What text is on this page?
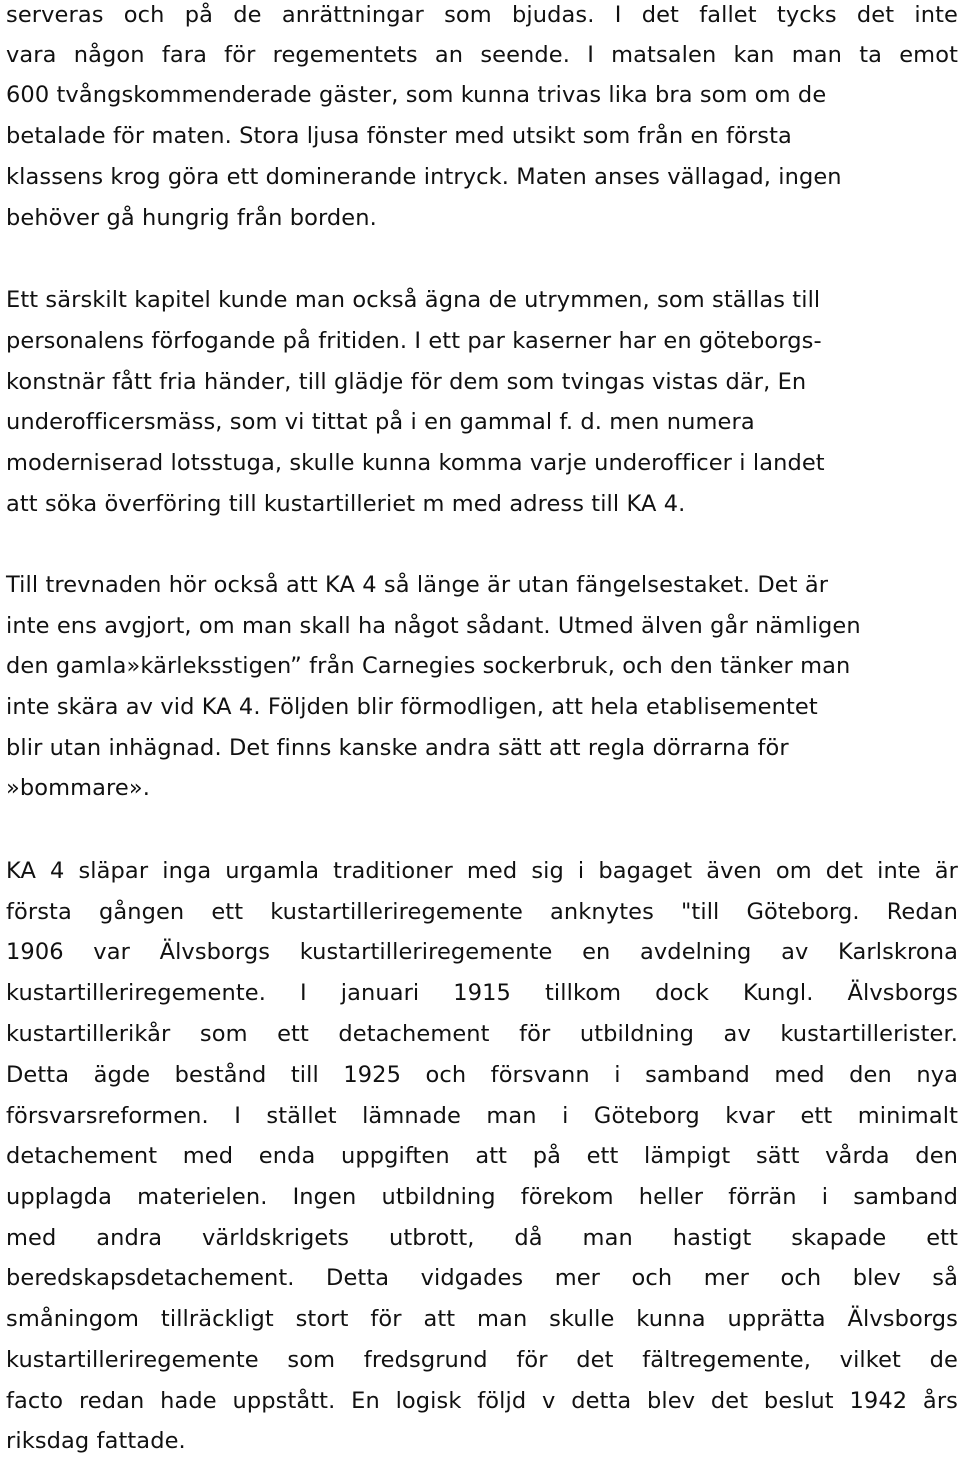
serveras och på de anrättningar som bjudas. I det fallet tycks det inte
vara någon fara för regementets an seende. I matsalen kan man ta emot
600 tvångskommenderade gäster, som kunna trivas lika bra som om de
betalade för maten. Stora ljusa fönster med utsikt som från en första
klassens krog göra ett dominerande intryck. Maten anses vällagad, ingen
behöver gå hungrig från borden.
Ett särskilt kapitel kunde man också ägna de utrymmen, som ställas till
personalens förfogande på fritiden. I ett par kaserner har en göteborgs-
konstnär fått fria händer, till glädje för dem som tvingas vistas där, En
underofficersmäss, som vi tittat på i en gammal f. d. men numera
moderniserad lotsstuga, skulle kunna komma varje underofficer i landet
att söka överföring till kustartilleriet m med adress till KA 4.
Till trevnaden hör också att KA 4 så länge är utan fängelsestaket. Det är
inte ens avgjort, om man skall ha något sådant. Utmed älven går nämligen
den gamla»kärleksstigen” från Carnegies sockerbruk, och den tänker man
inte skära av vid KA 4. Följden blir förmodligen, att hela etablisementet
blir utan inhägnad. Det finns kanske andra sätt att regla dörrarna för
»bommare».
KA 4 släpar inga urgamla traditioner med sig i bagaget även om det inte är
första gången ett kustartilleriregemente anknytes "till Göteborg. Redan
1906 var Älvsborgs kustartilleriregemente en avdelning av Karlskrona
kustartilleriregemente. I januari 1915 tillkom dock Kungl. Älvsborgs
kustartillerikår som ett detachement för utbildning av kustartillerister.
Detta ägde bestånd till 1925 och försvann i samband med den nya
försvarsreformen. I stället lämnade man i Göteborg kvar ett minimalt
detachement med enda uppgiften att på ett lämpigt sätt vårda den
upplagda materielen. Ingen utbildning förekom heller förrän i samband
med andra världskrigets utbrott, då man hastigt skapade ett
beredskapsdetachement. Detta vidgades mer och mer och blev så
småningom tillräckligt stort för att man skulle kunna upprätta Älvsborgs
kustartilleriregemente som fredsgrund för det fältregemente, vilket de
facto redan hade uppstått. En logisk följd v detta blev det beslut 1942 års
riksdag fattade.
